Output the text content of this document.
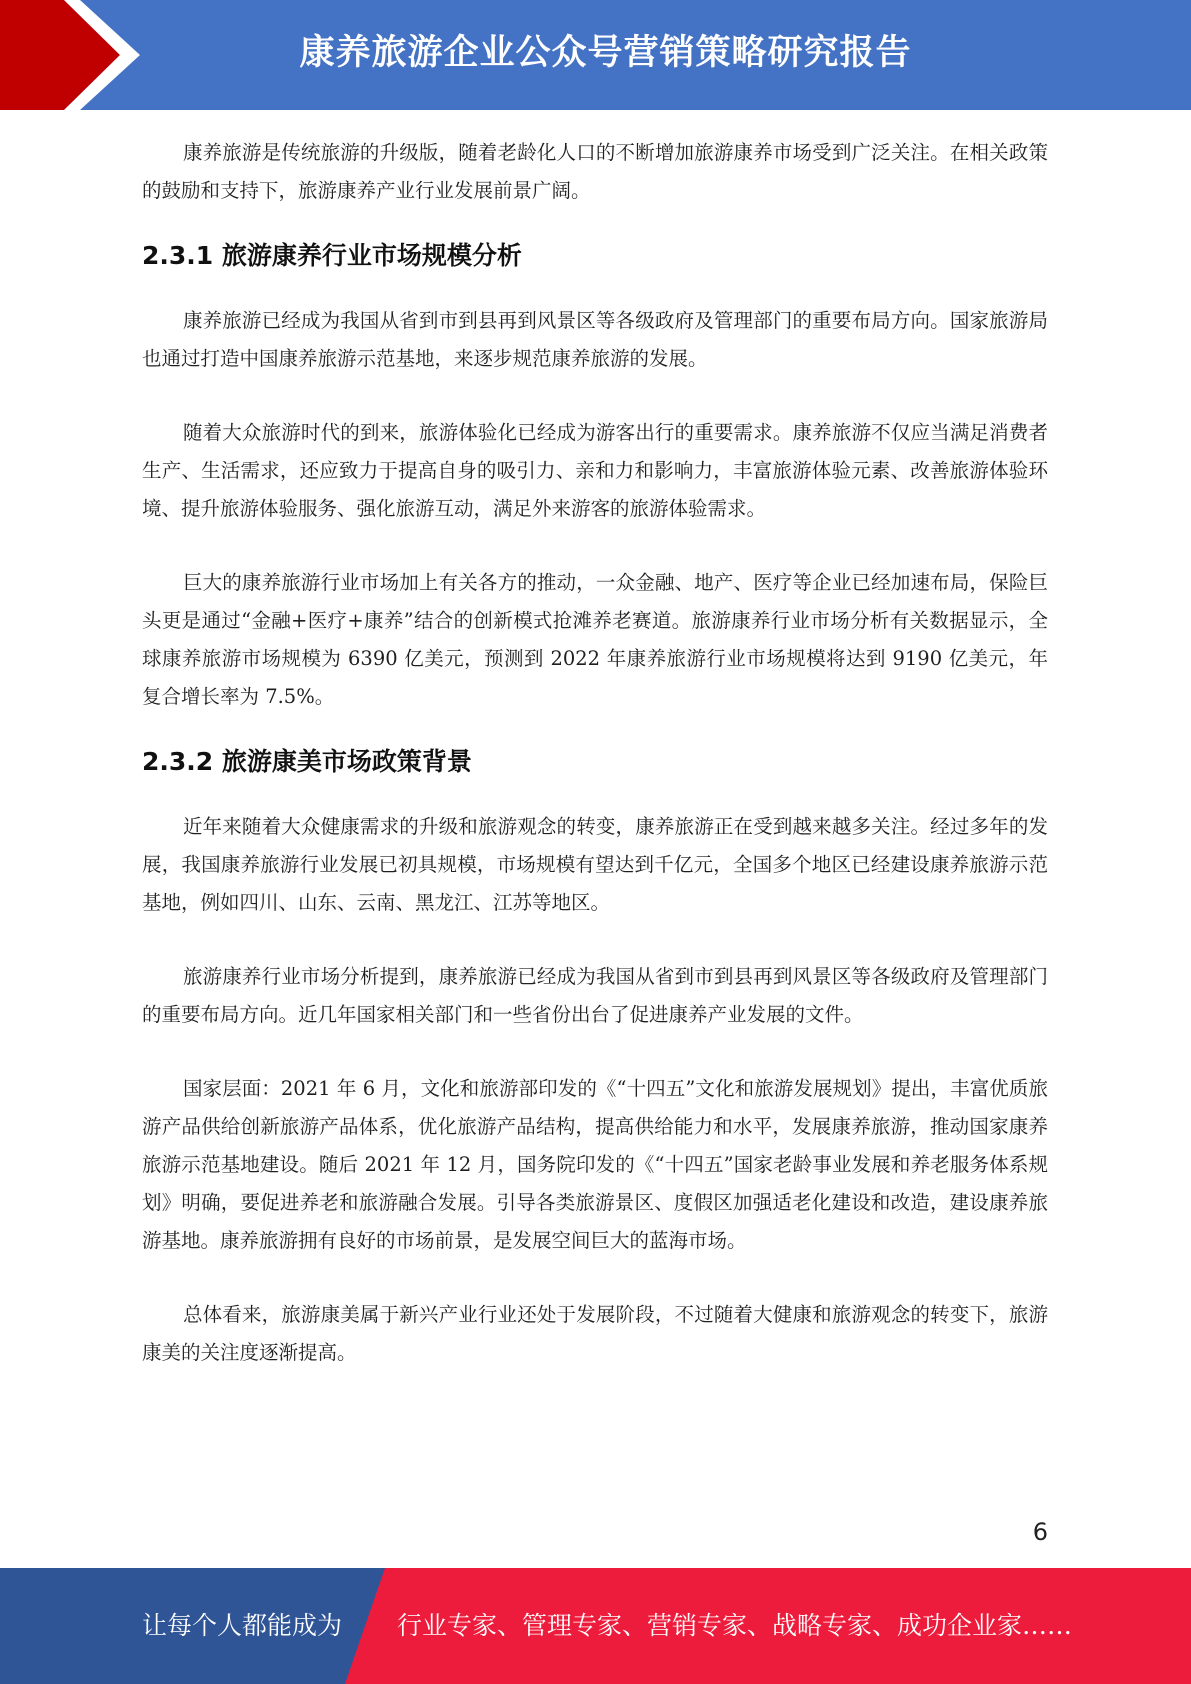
康养旅游企业公众号营销策略研究报告

康养旅游是传统旅游的升级版，随着老龄化人口的不断增加旅游康养市场受到广泛关注。在相关政策的鼓励和支持下，旅游康养产业行业发展前景广阔。

2.3.1 旅游康养行业市场规模分析

康养旅游已经成为我国从省到市到县再到风景区等各级政府及管理部门的重要布局方向。国家旅游局也通过打造中国康养旅游示范基地，来逐步规范康养旅游的发展。

随着大众旅游时代的到来，旅游体验化已经成为游客出行的重要需求。康养旅游不仅应当满足消费者生产、生活需求，还应致力于提高自身的吸引力、亲和力和影响力，丰富旅游体验元素、改善旅游体验环境、提升旅游体验服务、强化旅游互动，满足外来游客的旅游体验需求。

巨大的康养旅游行业市场加上有关各方的推动，一众金融、地产、医疗等企业已经加速布局，保险巨头更是通过“金融+医疗+康养”结合的创新模式抢滩养老赛道。旅游康养行业市场分析有关数据显示，全球康养旅游市场规模为 6390 亿美元，预测到 2022 年康养旅游行业市场规模将达到 9190 亿美元，年复合增长率为 7.5%。

2.3.2 旅游康美市场政策背景

近年来随着大众健康需求的升级和旅游观念的转变，康养旅游正在受到越来越多关注。经过多年的发展，我国康养旅游行业发展已初具规模，市场规模有望达到千亿元，全国多个地区已经建设康养旅游示范基地，例如四川、山东、云南、黑龙江、江苏等地区。

旅游康养行业市场分析提到，康养旅游已经成为我国从省到市到县再到风景区等各级政府及管理部门的重要布局方向。近几年国家相关部门和一些省份出台了促进康养产业发展的文件。

国家层面：2021 年 6 月，文化和旅游部印发的《“十四五”文化和旅游发展规划》提出，丰富优质旅游产品供给创新旅游产品体系，优化旅游产品结构，提高供给能力和水平，发展康养旅游，推动国家康养旅游示范基地建设。随后 2021 年 12 月，国务院印发的《“十四五”国家老龄事业发展和养老服务体系规划》明确，要促进养老和旅游融合发展。引导各类旅游景区、度假区加强适老化建设和改造，建设康养旅游基地。康养旅游拥有良好的市场前景，是发展空间巨大的蓝海市场。

总体看来，旅游康美属于新兴产业行业还处于发展阶段，不过随着大健康和旅游观念的转变下，旅游康美的关注度逐渐提高。

6
让每个人都能成为 行业专家、管理专家、营销专家、战略专家、成功企业家……
